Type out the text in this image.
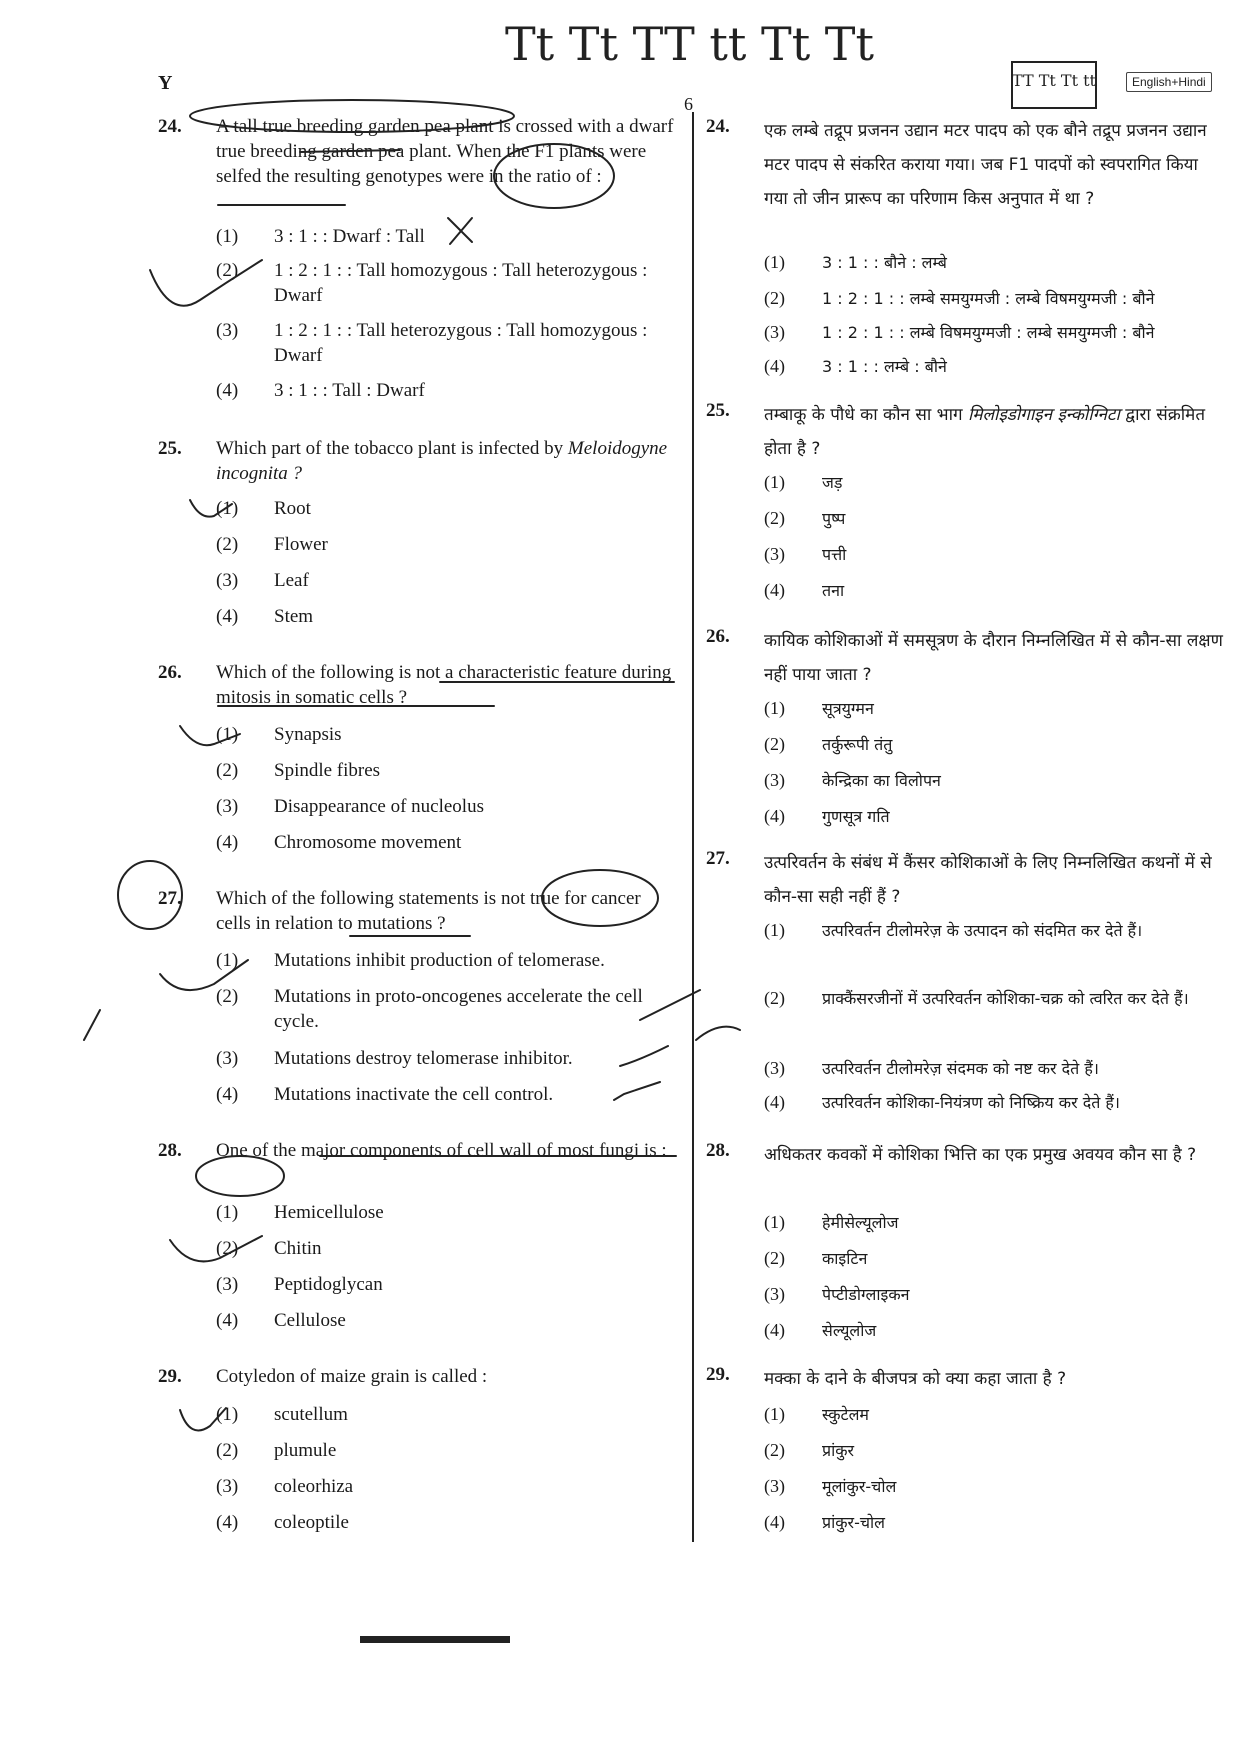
Y
6
English+Hindi
24. A tall true breeding garden pea plant is crossed with a dwarf true breeding garden pea plant. When the F1 plants were selfed the resulting genotypes were in the ratio of :
(1) 3 : 1 : : Dwarf : Tall
(2) 1 : 2 : 1 : : Tall homozygous : Tall heterozygous : Dwarf
(3) 1 : 2 : 1 : : Tall heterozygous : Tall homozygous : Dwarf
(4) 3 : 1 : : Tall : Dwarf
25. Which part of the tobacco plant is infected by Meloidogyne incognita ?
(1) Root
(2) Flower
(3) Leaf
(4) Stem
26. Which of the following is not a characteristic feature during mitosis in somatic cells ?
(1) Synapsis
(2) Spindle fibres
(3) Disappearance of nucleolus
(4) Chromosome movement
27. Which of the following statements is not true for cancer cells in relation to mutations ?
(1) Mutations inhibit production of telomerase.
(2) Mutations in proto-oncogenes accelerate the cell cycle.
(3) Mutations destroy telomerase inhibitor.
(4) Mutations inactivate the cell control.
28. One of the major components of cell wall of most fungi is :
(1) Hemicellulose
(2) Chitin
(3) Peptidoglycan
(4) Cellulose
29. Cotyledon of maize grain is called :
(1) scutellum
(2) plumule
(3) coleorhiza
(4) coleoptile
24. एक लम्बे तद्रूप प्रजनन उद्यान मटर पादप को एक बौने तद्रूप प्रजनन उद्यान मटर पादप से संकरित कराया गया। जब F1 पादपों को स्वपरागित किया गया तो जीन प्रारूप का परिणाम किस अनुपात में था ?
(1) 3 : 1 : : बौने : लम्बे
(2) 1 : 2 : 1 : : लम्बे समयुग्मजी : लम्बे विषमयुग्मजी : बौने
(3) 1 : 2 : 1 : : लम्बे विषमयुग्मजी : लम्बे समयुग्मजी : बौने
(4) 3 : 1 : : लम्बे : बौने
25. तम्बाकू के पौधे का कौन सा भाग मिलोइडोगाइन इन्कोग्निटा द्वारा संक्रमित होता है ?
(1) जड़
(2) पुष्प
(3) पत्ती
(4) तना
26. कायिक कोशिकाओं में समसूत्रण के दौरान निम्नलिखित में से कौन-सा लक्षण नहीं पाया जाता ?
(1) सूत्रयुग्मन
(2) तर्कुरूपी तंतु
(3) केन्द्रिका का विलोपन
(4) गुणसूत्र गति
27. उत्परिवर्तन के संबंध में कैंसर कोशिकाओं के लिए निम्नलिखित कथनों में से कौन-सा सही नहीं हैं ?
(1) उत्परिवर्तन टीलोमरेज़ के उत्पादन को संदमित कर देते हैं।
(2) प्राक्कैंसरजीनों में उत्परिवर्तन कोशिका-चक्र को त्वरित कर देते हैं।
(3) उत्परिवर्तन टीलोमरेज़ संदमक को नष्ट कर देते हैं।
(4) उत्परिवर्तन कोशिका-नियंत्रण को निष्क्रिय कर देते हैं।
28. अधिकतर कवकों में कोशिका भित्ति का एक प्रमुख अवयव कौन सा है ?
(1) हेमीसेल्यूलोज
(2) काइटिन
(3) पेप्टीडोग्लाइकन
(4) सेल्यूलोज
29. मक्का के दाने के बीजपत्र को क्या कहा जाता है ?
(1) स्कुटेलम
(2) प्रांकुर
(3) मूलांकुर-चोल
(4) प्रांकुर-चोल
Tt Tt TT tt Tt Tt
TT Tt Tt tt
